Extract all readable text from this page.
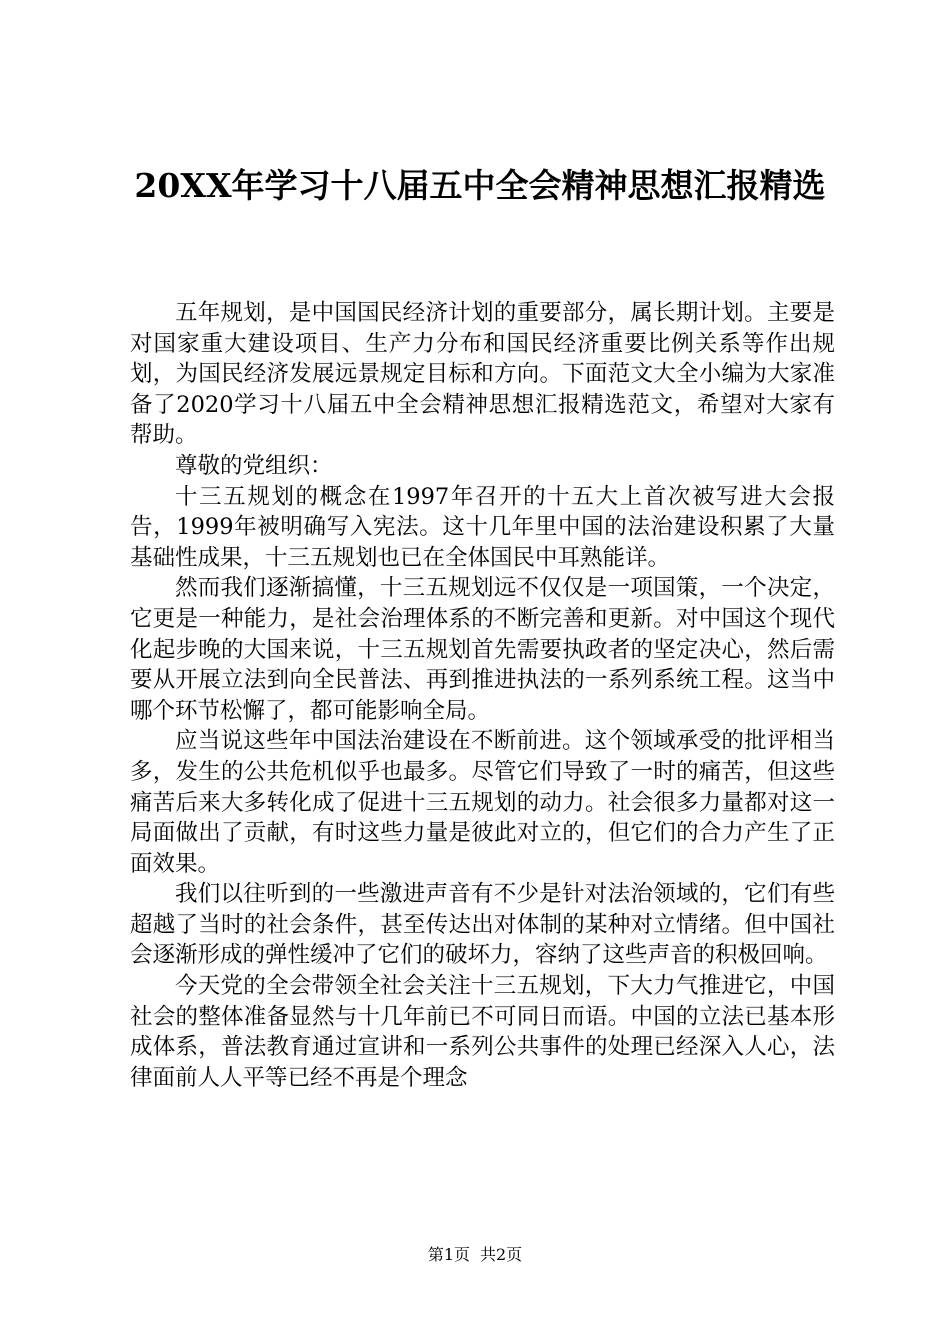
20XX年学习十八届五中全会精神思想汇报精选

五年规划，是中国国民经济计划的重要部分，属长期计划。主要是对国家重大建设项目、生产力分布和国民经济重要比例关系等作出规划，为国民经济发展远景规定目标和方向。下面范文大全小编为大家准备了2020学习十八届五中全会精神思想汇报精选范文，希望对大家有帮助。

尊敬的党组织：

十三五规划的概念在1997年召开的十五大上首次被写进大会报告，1999年被明确写入宪法。这十几年里中国的法治建设积累了大量基础性成果，十三五规划也已在全体国民中耳熟能详。

然而我们逐渐搞懂，十三五规划远不仅仅是一项国策，一个决定，它更是一种能力，是社会治理体系的不断完善和更新。对中国这个现代化起步晚的大国来说，十三五规划首先需要执政者的坚定决心，然后需要从开展立法到向全民普法、再到推进执法的一系列系统工程。这当中哪个环节松懈了，都可能影响全局。

应当说这些年中国法治建设在不断前进。这个领域承受的批评相当多，发生的公共危机似乎也最多。尽管它们导致了一时的痛苦，但这些痛苦后来大多转化成了促进十三五规划的动力。社会很多力量都对这一局面做出了贡献，有时这些力量是彼此对立的，但它们的合力产生了正面效果。

我们以往听到的一些激进声音有不少是针对法治领域的，它们有些超越了当时的社会条件，甚至传达出对体制的某种对立情绪。但中国社会逐渐形成的弹性缓冲了它们的破坏力，容纳了这些声音的积极回响。

今天党的全会带领全社会关注十三五规划，下大力气推进它，中国社会的整体准备显然与十几年前已不可同日而语。中国的立法已基本形成体系，普法教育通过宣讲和一系列公共事件的处理已经深入人心，法律面前人人平等已经不再是个理念

第1页 共2页
